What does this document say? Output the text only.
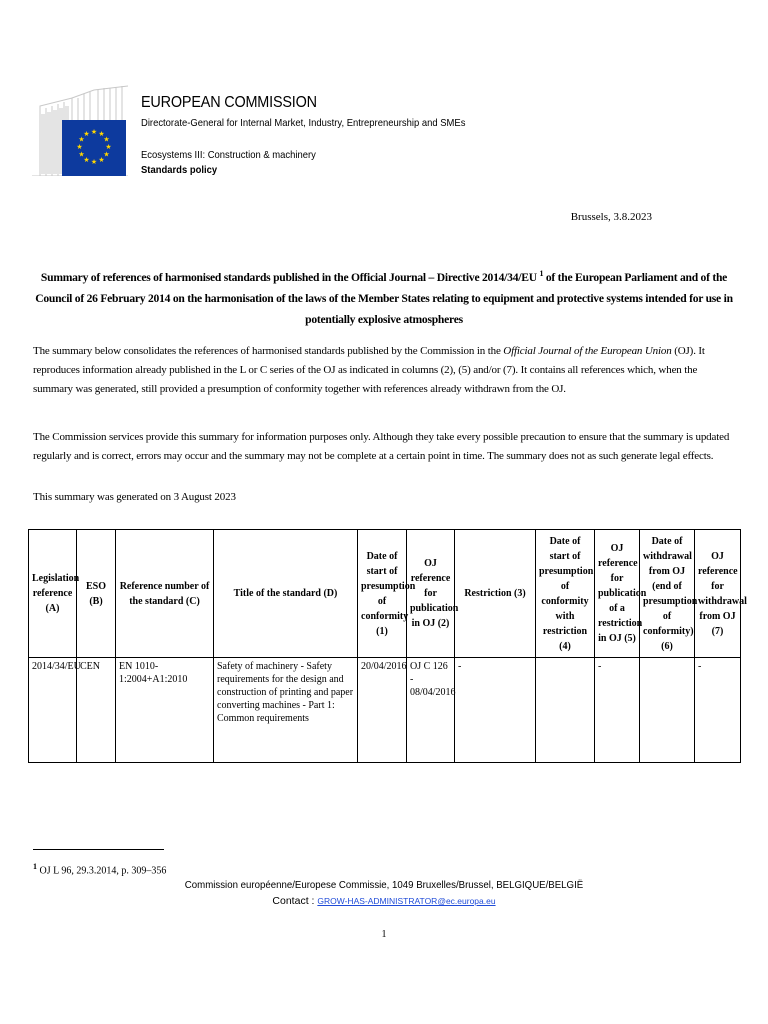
★ ★
★
★
★
★
★
★
★
★
★
★
EUROPEAN COMMISSION
Directorate-General for Internal Market, Industry, Entrepreneurship and SMEs
Ecosystems III: Construction & machinery
Standards policy
Brussels, 3.8.2023
Summary of references of harmonised standards published in the Official Journal – Directive 2014/34/EU $^1$ of the European Parliament and of the Council of 26 February 2014 on the harmonisation of the laws of the Member States relating to equipment and protective systems intended for use in potentially explosive atmospheres
The summary below consolidates the references of harmonised standards published by the Commission in the Official Journal of the European Union (OJ). It reproduces information already published in the L or C series of the OJ as indicated in columns (2), (5) and/or (7). It contains all references which, when the summary was generated, still provided a presumption of conformity together with references already withdrawn from the OJ.
The Commission services provide this summary for information purposes only. Although they take every possible precaution to ensure that the summary is updated regularly and is correct, errors may occur and the summary may not be complete at a certain point in time. The summary does not as such generate legal effects.
This summary was generated on 3 August 2023
Legislation reference (A)	ESO (B)	Reference number of the standard (C)	Title of the standard (D)	Date of start of presumption of conformity (1)	OJ reference for publication in OJ (2)	Restriction (3)	Date of start of presumption of conformity with restriction (4)	OJ reference for publication of a restriction in OJ (5)	Date of withdrawal from OJ (end of presumption of conformity) (6)	OJ reference for withdrawal from OJ (7)
2014/34/EU	CEN	EN 1010-1:2004+A1:2010	Safety of machinery - Safety requirements for the design and construction of printing and paper converting machines - Part 1: Common requirements	20/04/2016	OJ C 126 - 08/04/2016	-		-		-
$^1$ OJ L 96, 29.3.2014, p. 309–356
Commission européenne/Europese Commissie, 1049 Bruxelles/Brussel, BELGIQUE/BELGIË
Contact : GROW-HAS-ADMINISTRATOR@ec.europa.eu
1
